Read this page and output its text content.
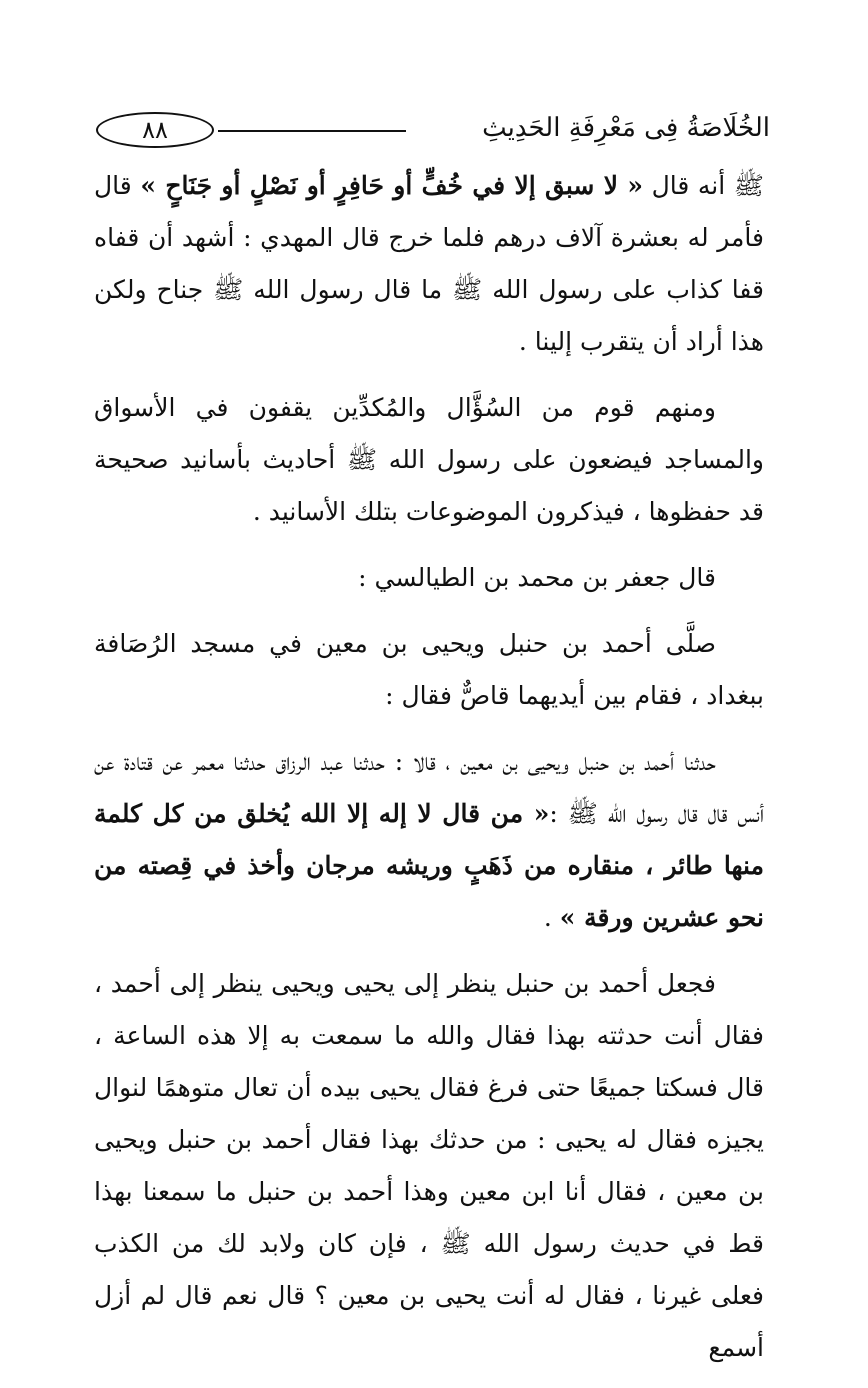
٨٨	الخُلَاصَةُ فِى مَعْرِفَةِ الحَدِيثِ

ﷺ أنه قال « لا سبق إلا في خُفٍّ أو حَافِرٍ أو نَصْلٍ أو جَنَاحٍ » قال فأمر له بعشرة آلاف درهم فلما خرج قال المهدي : أشهد أن قفاه قفا كذاب على رسول الله ﷺ ما قال رسول الله ﷺ جناح ولكن هذا أراد أن يتقرب إلينا .

ومنهم قوم من السُؤَّال والمُكدِّين يقفون في الأسواق والمساجد فيضعون على رسول الله ﷺ أحاديث بأسانيد صحيحة قد حفظوها ، فيذكرون الموضوعات بتلك الأسانيد .

قال جعفر بن محمد بن الطيالسي :

صلَّى أحمد بن حنبل ويحيى بن معين في مسجد الرُصَافة ببغداد ، فقام بين أيديهما قاصٌّ فقال :

حدثنا أحمد بن حنبل ويحيى بن معين ، قالا : حدثنا عبد الرزاق حدثنا معمر عن قتادة عن أنس قال قال رسول الله ﷺ :« من قال لا إله إلا الله يُخلق من كل كلمة منها طائر ، منقاره من ذَهَبٍ وريشه مرجان وأخذ في قِصته من نحو عشرين ورقة » .

فجعل أحمد بن حنبل ينظر إلى يحيى ويحيى ينظر إلى أحمد ، فقال أنت حدثته بهذا فقال والله ما سمعت به إلا هذه الساعة ، قال فسكتا جميعًا حتى فرغ فقال يحيى بيده أن تعال متوهمًا لنوال يجيزه فقال له يحيى : من حدثك بهذا فقال أحمد بن حنبل ويحيى بن معين ، فقال أنا ابن معين وهذا أحمد بن حنبل ما سمعنا بهذا قط في حديث رسول الله ﷺ ، فإن كان ولابد لك من الكذب فعلى غيرنا ، فقال له أنت يحيى بن معين ؟ قال نعم قال لم أزل أسمع
